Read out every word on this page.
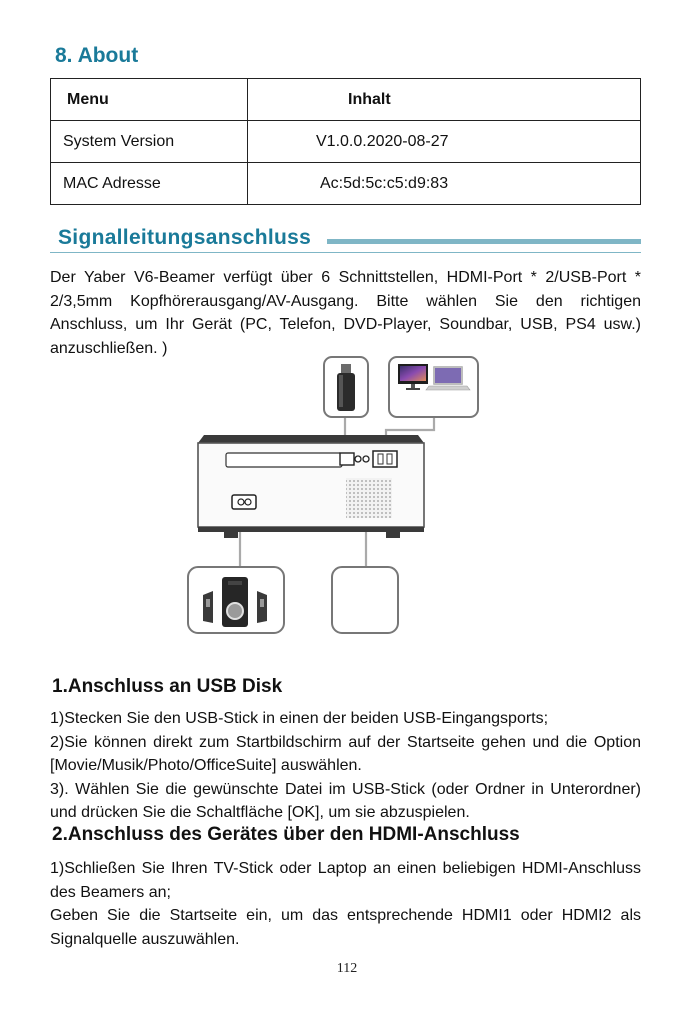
8. About
Menu	Inhalt
System Version	V1.0.0.2020-08-27
MAC Adresse	Ac:5d:5c:c5:d9:83
Signalleitungsanschluss

Der Yaber V6-Beamer verfügt über 6 Schnittstellen, HDMI-Port * 2/USB-Port * 2/3,5mm Kopfhörerausgang/AV-Ausgang. Bitte wählen Sie den richtigen Anschluss, um Ihr Gerät (PC, Telefon, DVD-Player, Soundbar, USB, PS4 usw.) anzuschließen. )

1.Anschluss an USB Disk

1)Stecken Sie den USB-Stick in einen der beiden USB-Eingangsports;
2)Sie können direkt zum Startbildschirm auf der Startseite gehen und die Option [Movie/Musik/Photo/OfficeSuite] auswählen.
3). Wählen Sie die gewünschte Datei im USB-Stick (oder Ordner in Unterordner) und drücken Sie die Schaltfläche [OK], um sie abzuspielen.

2.Anschluss des Gerätes über den HDMI-Anschluss

1)Schließen Sie Ihren TV-Stick oder Laptop an einen beliebigen HDMI-Anschluss des Beamers an;
Geben Sie die Startseite ein, um das entsprechende HDMI1 oder HDMI2 als Signalquelle auszuwählen.

112
